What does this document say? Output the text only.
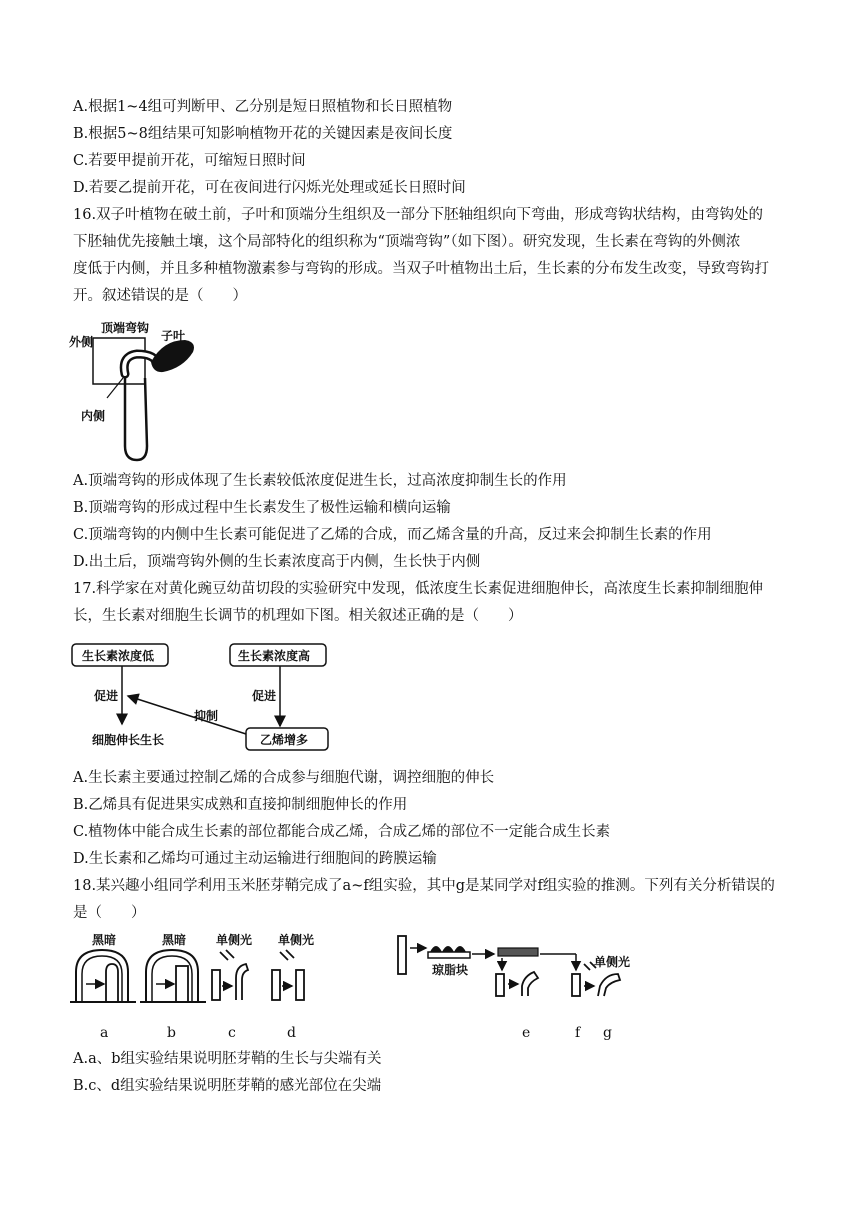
A.根据1~4组可判断甲、乙分别是短日照植物和长日照植物
B.根据5~8组结果可知影响植物开花的关键因素是夜间长度
C.若要甲提前开花，可缩短日照时间
D.若要乙提前开花，可在夜间进行闪烁光处理或延长日照时间
16.双子叶植物在破土前，子叶和顶端分生组织及一部分下胚轴组织向下弯曲，形成弯钩状结构，由弯钩处的
下胚轴优先接触土壤，这个局部特化的组织称为“顶端弯钩”（如下图）。研究发现，生长素在弯钩的外侧浓
度低于内侧，并且多种植物激素参与弯钩的形成。当双子叶植物出土后，生长素的分布发生改变，导致弯钩打
开。叙述错误的是（　　）
外侧
顶端弯钩
子叶
内侧
A.顶端弯钩的形成体现了生长素较低浓度促进生长，过高浓度抑制生长的作用
B.顶端弯钩的形成过程中生长素发生了极性运输和横向运输
C.顶端弯钩的内侧中生长素可能促进了乙烯的合成，而乙烯含量的升高，反过来会抑制生长素的作用
D.出土后，顶端弯钩外侧的生长素浓度高于内侧，生长快于内侧
17.科学家在对黄化豌豆幼苗切段的实验研究中发现，低浓度生长素促进细胞伸长，高浓度生长素抑制细胞伸
长，生长素对细胞生长调节的机理如下图。相关叙述正确的是（　　）
生长素浓度低	生长素浓度高
促进	促进
细胞伸长生长	乙烯增多
抑制
A.生长素主要通过控制乙烯的合成参与细胞代谢，调控细胞的伸长
B.乙烯具有促进果实成熟和直接抑制细胞伸长的作用
C.植物体中能合成生长素的部位都能合成乙烯，合成乙烯的部位不一定能合成生长素
D.生长素和乙烯均可通过主动运输进行细胞间的跨膜运输
18.某兴趣小组同学利用玉米胚芽鞘完成了a~f组实验，其中g是某同学对f组实验的推测。下列有关分析错误的
是（　　）
黑暗	黑暗 单侧光 单侧光
琼脂块
单侧光
a	b	c	d	e	f g
A.a、b组实验结果说明胚芽鞘的生长与尖端有关
B.c、d组实验结果说明胚芽鞘的感光部位在尖端
